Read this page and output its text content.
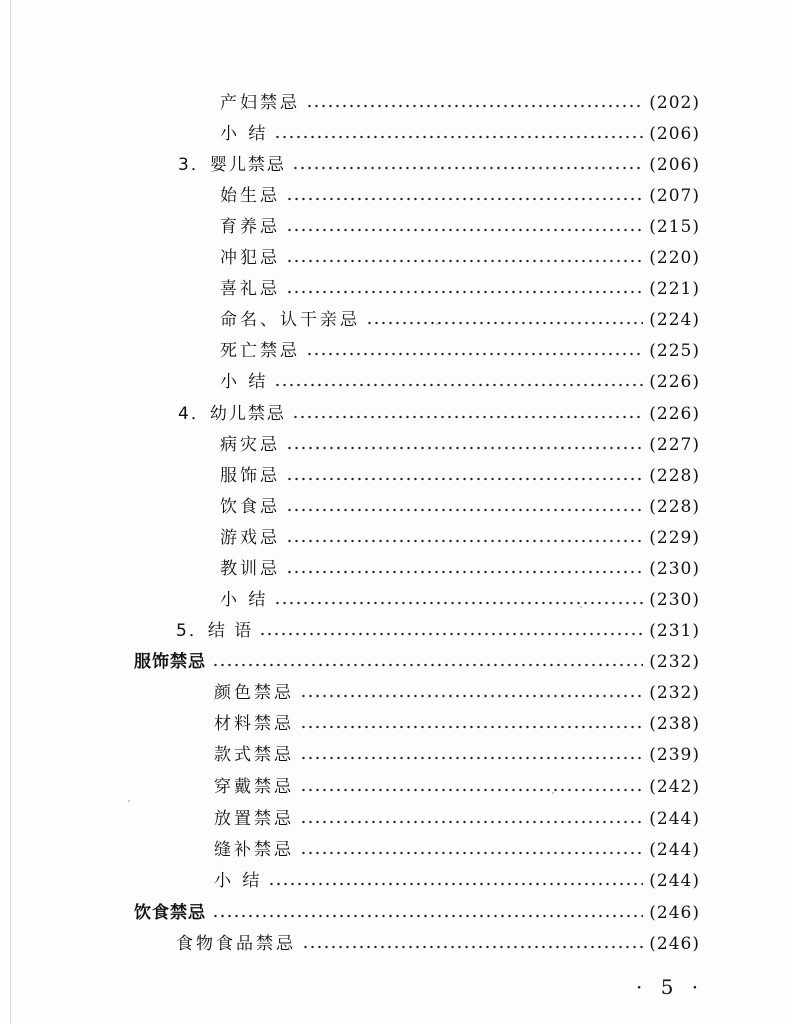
产妇禁忌	(202)
小 结	(206)
3．婴儿禁忌	(206)
始生忌	(207)
育养忌	(215)
冲犯忌	(220)
喜礼忌	(221)
命名、认干亲忌	(224)
死亡禁忌	(225)
小 结	(226)
4．幼儿禁忌	(226)
病灾忌	(227)
服饰忌	(228)
饮食忌	(228)
游戏忌	(229)
教训忌	(230)
小 结	(230)
5．结 语	(231)
服饰禁忌	(232)
颜色禁忌	(232)
材料禁忌	(238)
款式禁忌	(239)
穿戴禁忌	(242)
放置禁忌	(244)
缝补禁忌	(244)
小 结	(244)
饮食禁忌	(246)
食物食品禁忌	(246)
· 5 ·
